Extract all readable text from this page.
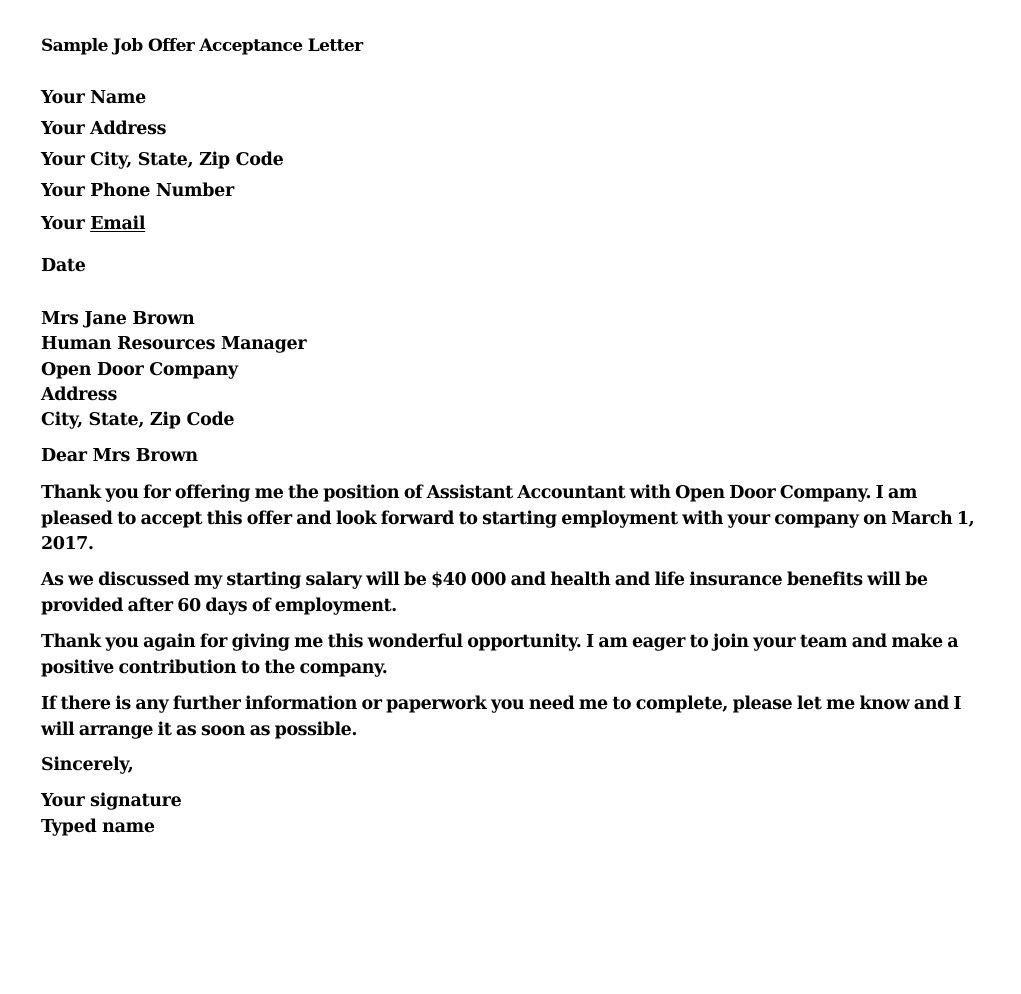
Sample Job Offer Acceptance Letter
Your Name
Your Address
Your City, State, Zip Code
Your Phone Number
Your Email
Date
Mrs Jane Brown
Human Resources Manager
Open Door Company
Address
City, State, Zip Code
Dear Mrs Brown
Thank you for offering me the position of Assistant Accountant with Open Door Company. I am pleased to accept this offer and look forward to starting employment with your company on March 1, 2017.
As we discussed my starting salary will be $40 000 and health and life insurance benefits will be provided after 60 days of employment.
Thank you again for giving me this wonderful opportunity. I am eager to join your team and make a positive contribution to the company.
If there is any further information or paperwork you need me to complete, please let me know and I will arrange it as soon as possible.
Sincerely,
Your signature
Typed name
